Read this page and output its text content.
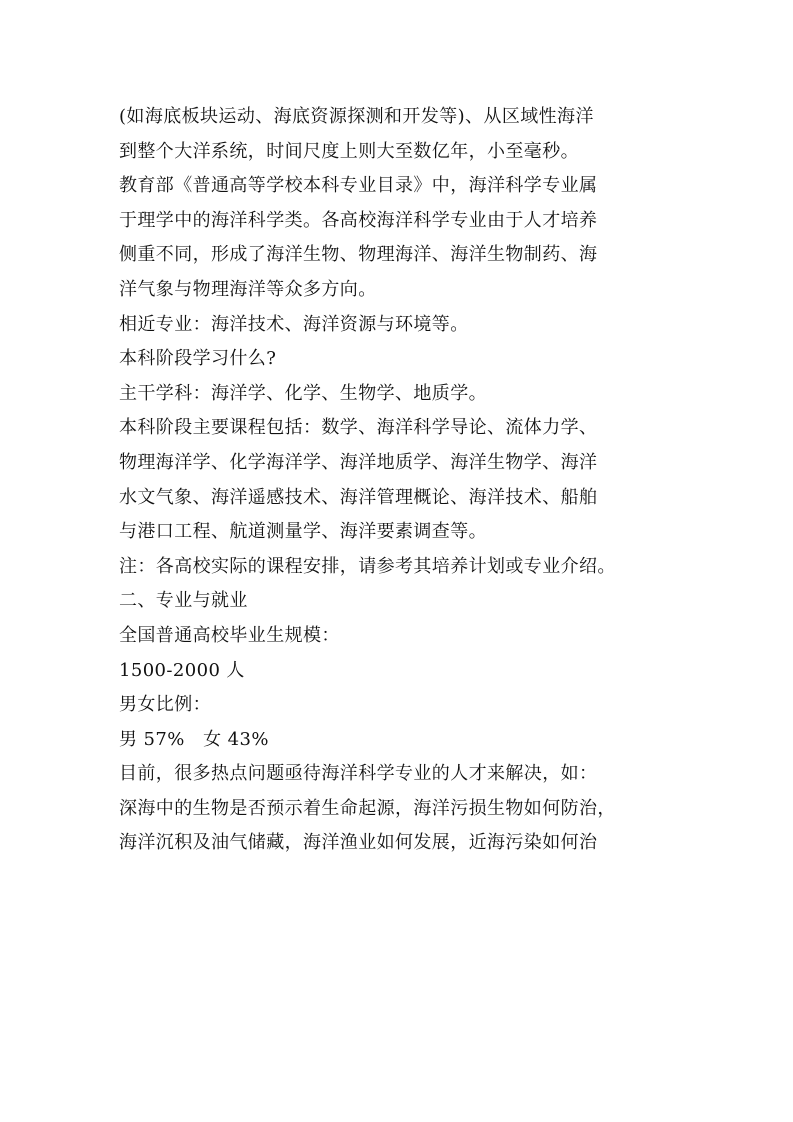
(如海底板块运动、海底资源探测和开发等)、从区域性海洋
到整个大洋系统，时间尺度上则大至数亿年，小至毫秒。
教育部《普通高等学校本科专业目录》中，海洋科学专业属
于理学中的海洋科学类。各高校海洋科学专业由于人才培养
侧重不同，形成了海洋生物、物理海洋、海洋生物制药、海
洋气象与物理海洋等众多方向。
相近专业：海洋技术、海洋资源与环境等。
本科阶段学习什么?
主干学科：海洋学、化学、生物学、地质学。
本科阶段主要课程包括：数学、海洋科学导论、流体力学、
物理海洋学、化学海洋学、海洋地质学、海洋生物学、海洋
水文气象、海洋遥感技术、海洋管理概论、海洋技术、船舶
与港口工程、航道测量学、海洋要素调查等。
注：各高校实际的课程安排，请参考其培养计划或专业介绍。
二、专业与就业
全国普通高校毕业生规模：
1500-2000 人
男女比例：
男 57%   女 43%
目前，很多热点问题亟待海洋科学专业的人才来解决，如：
深海中的生物是否预示着生命起源，海洋污损生物如何防治，
海洋沉积及油气储藏，海洋渔业如何发展，近海污染如何治
